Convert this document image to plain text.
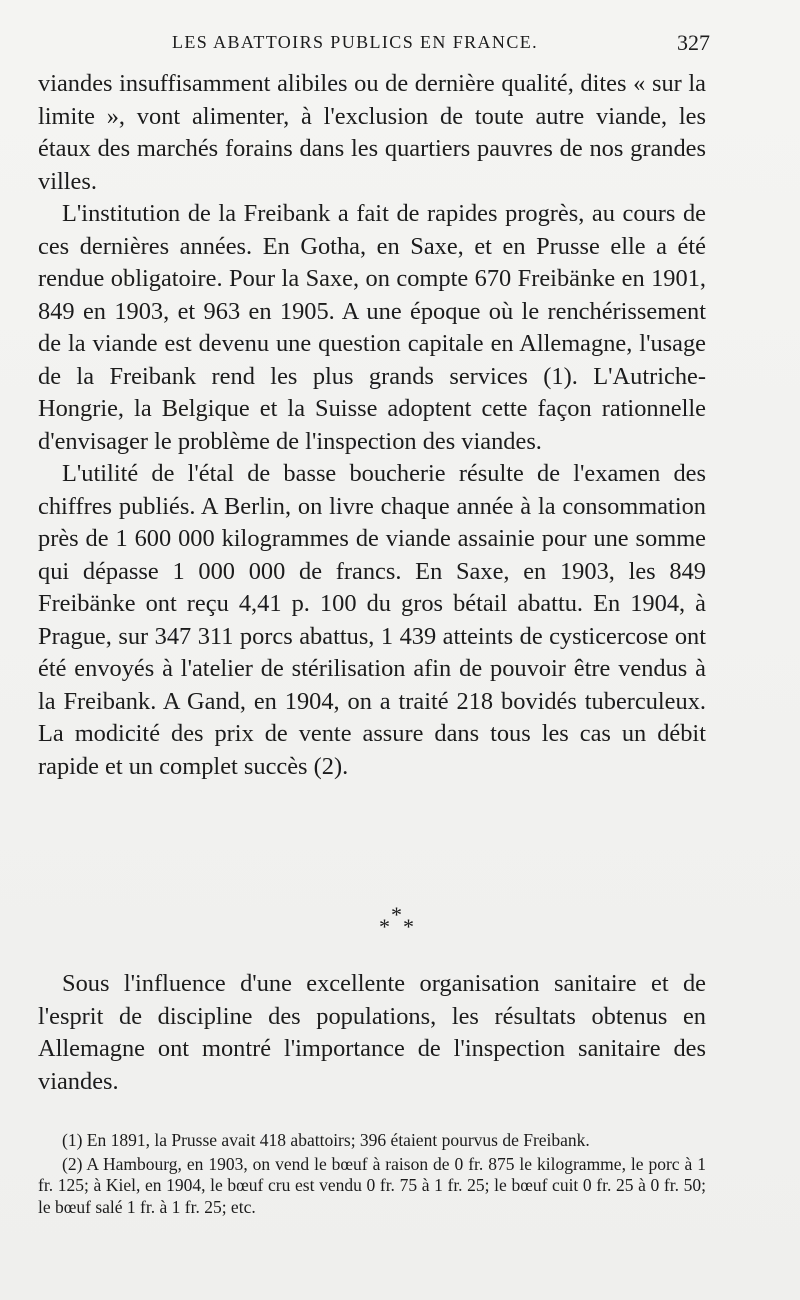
LES ABATTOIRS PUBLICS EN FRANCE.	327

viandes insuffisamment alibiles ou de dernière qualité, dites « sur la limite », vont alimenter, à l'exclusion de toute autre viande, les étaux des marchés forains dans les quartiers pauvres de nos grandes villes.

L'institution de la Freibank a fait de rapides progrès, au cours de ces dernières années. En Gotha, en Saxe, et en Prusse elle a été rendue obligatoire. Pour la Saxe, on compte 670 Freibänke en 1901, 849 en 1903, et 963 en 1905. A une époque où le renchérissement de la viande est devenu une question capitale en Allemagne, l'usage de la Freibank rend les plus grands services (1). L'Autriche-Hongrie, la Belgique et la Suisse adoptent cette façon rationnelle d'envisager le problème de l'inspection des viandes.

L'utilité de l'étal de basse boucherie résulte de l'examen des chiffres publiés. A Berlin, on livre chaque année à la consommation près de 1 600 000 kilogrammes de viande assainie pour une somme qui dépasse 1 000 000 de francs. En Saxe, en 1903, les 849 Freibänke ont reçu 4,41 p. 100 du gros bétail abattu. En 1904, à Prague, sur 347 311 porcs abattus, 1 439 atteints de cysticercose ont été envoyés à l'atelier de stérilisation afin de pouvoir être vendus à la Freibank. A Gand, en 1904, on a traité 218 bovidés tuberculeux. La modicité des prix de vente assure dans tous les cas un débit rapide et un complet succès (2).

*
* *

Sous l'influence d'une excellente organisation sanitaire et de l'esprit de discipline des populations, les résultats obtenus en Allemagne ont montré l'importance de l'inspection sanitaire des viandes.

(1) En 1891, la Prusse avait 418 abattoirs; 396 étaient pourvus de Freibank.

(2) A Hambourg, en 1903, on vend le bœuf à raison de 0 fr. 875 le kilogramme, le porc à 1 fr. 125; à Kiel, en 1904, le bœuf cru est vendu 0 fr. 75 à 1 fr. 25; le bœuf cuit 0 fr. 25 à 0 fr. 50; le bœuf salé 1 fr. à 1 fr. 25; etc.
